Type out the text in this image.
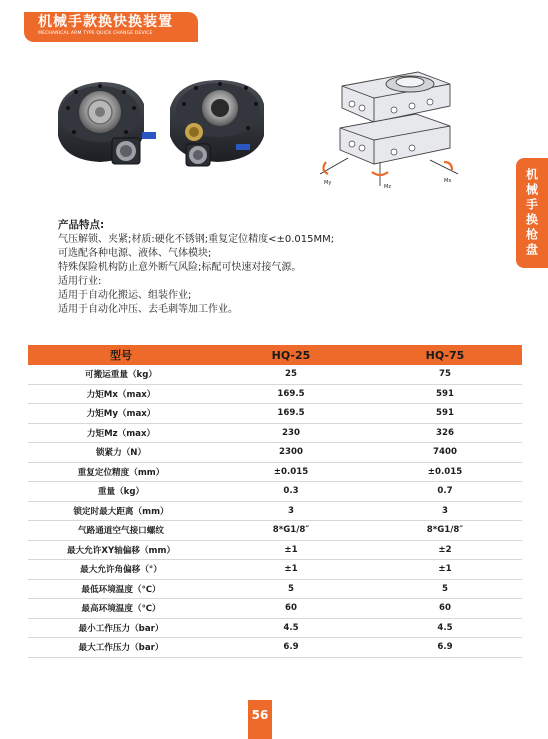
机械手款换快换装置
MECHANICAL ARM TYPE QUICK CHANGE DEVICE
My
Mz
Mx	机械手换枪盘
产品特点:
气压解锁、夹紧;材质:硬化不锈钢;重复定位精度<±0.015MM;
可选配各种电源、液体、气体模块;
特殊保险机构防止意外断气风险;标配可快速对接气源。
适用行业:
适用于自动化搬运、组装作业;
适用于自动化冲压、去毛刺等加工作业。
型号	HQ-25	HQ-75
可搬运重量（kg）	25	75
力矩Mx（max）	169.5	591
力矩My（max）	169.5	591
力矩Mz（max）	230	326
锁紧力（N）	2300	7400
重复定位精度（mm）	±0.015	±0.015
重量（kg）	0.3	0.7
锁定时最大距离（mm）	3	3
气路通道空气接口螺纹	8*G1/8″	8*G1/8″
最大允许XY轴偏移（mm）	±1	±2
最大允许角偏移（°）	±1	±1
最低环境温度（℃）	5	5
最高环境温度（℃）	60	60
最小工作压力（bar）	4.5	4.5
最大工作压力（bar）	6.9	6.9
56
